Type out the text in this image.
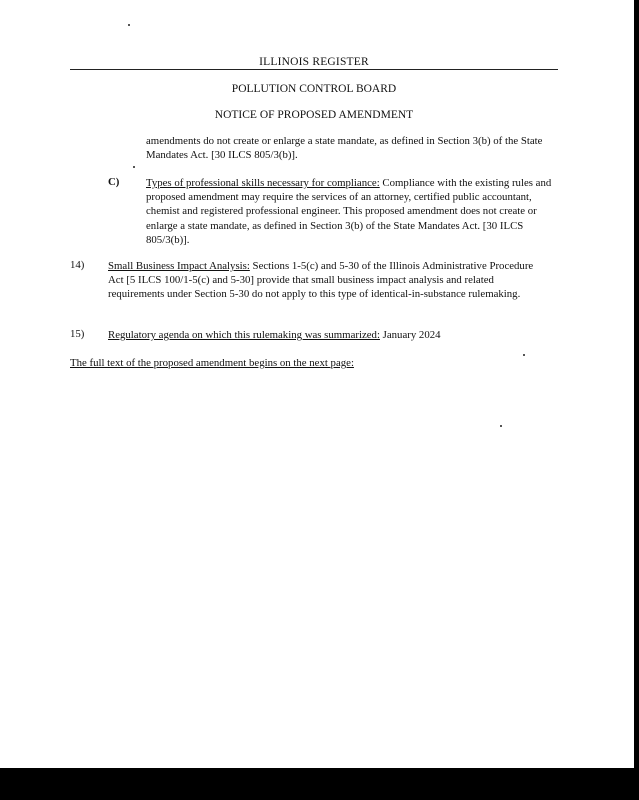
ILLINOIS REGISTER
POLLUTION CONTROL BOARD
NOTICE OF PROPOSED AMENDMENT
amendments do not create or enlarge a state mandate, as defined in Section 3(b) of the State Mandates Act. [30 ILCS 805/3(b)].
C) Types of professional skills necessary for compliance: Compliance with the existing rules and proposed amendment may require the services of an attorney, certified public accountant, chemist and registered professional engineer. This proposed amendment does not create or enlarge a state mandate, as defined in Section 3(b) of the State Mandates Act. [30 ILCS 805/3(b)].
14) Small Business Impact Analysis: Sections 1-5(c) and 5-30 of the Illinois Administrative Procedure Act [5 ILCS 100/1-5(c) and 5-30] provide that small business impact analysis and related requirements under Section 5-30 do not apply to this type of identical-in-substance rulemaking.
15) Regulatory agenda on which this rulemaking was summarized: January 2024
The full text of the proposed amendment begins on the next page:
